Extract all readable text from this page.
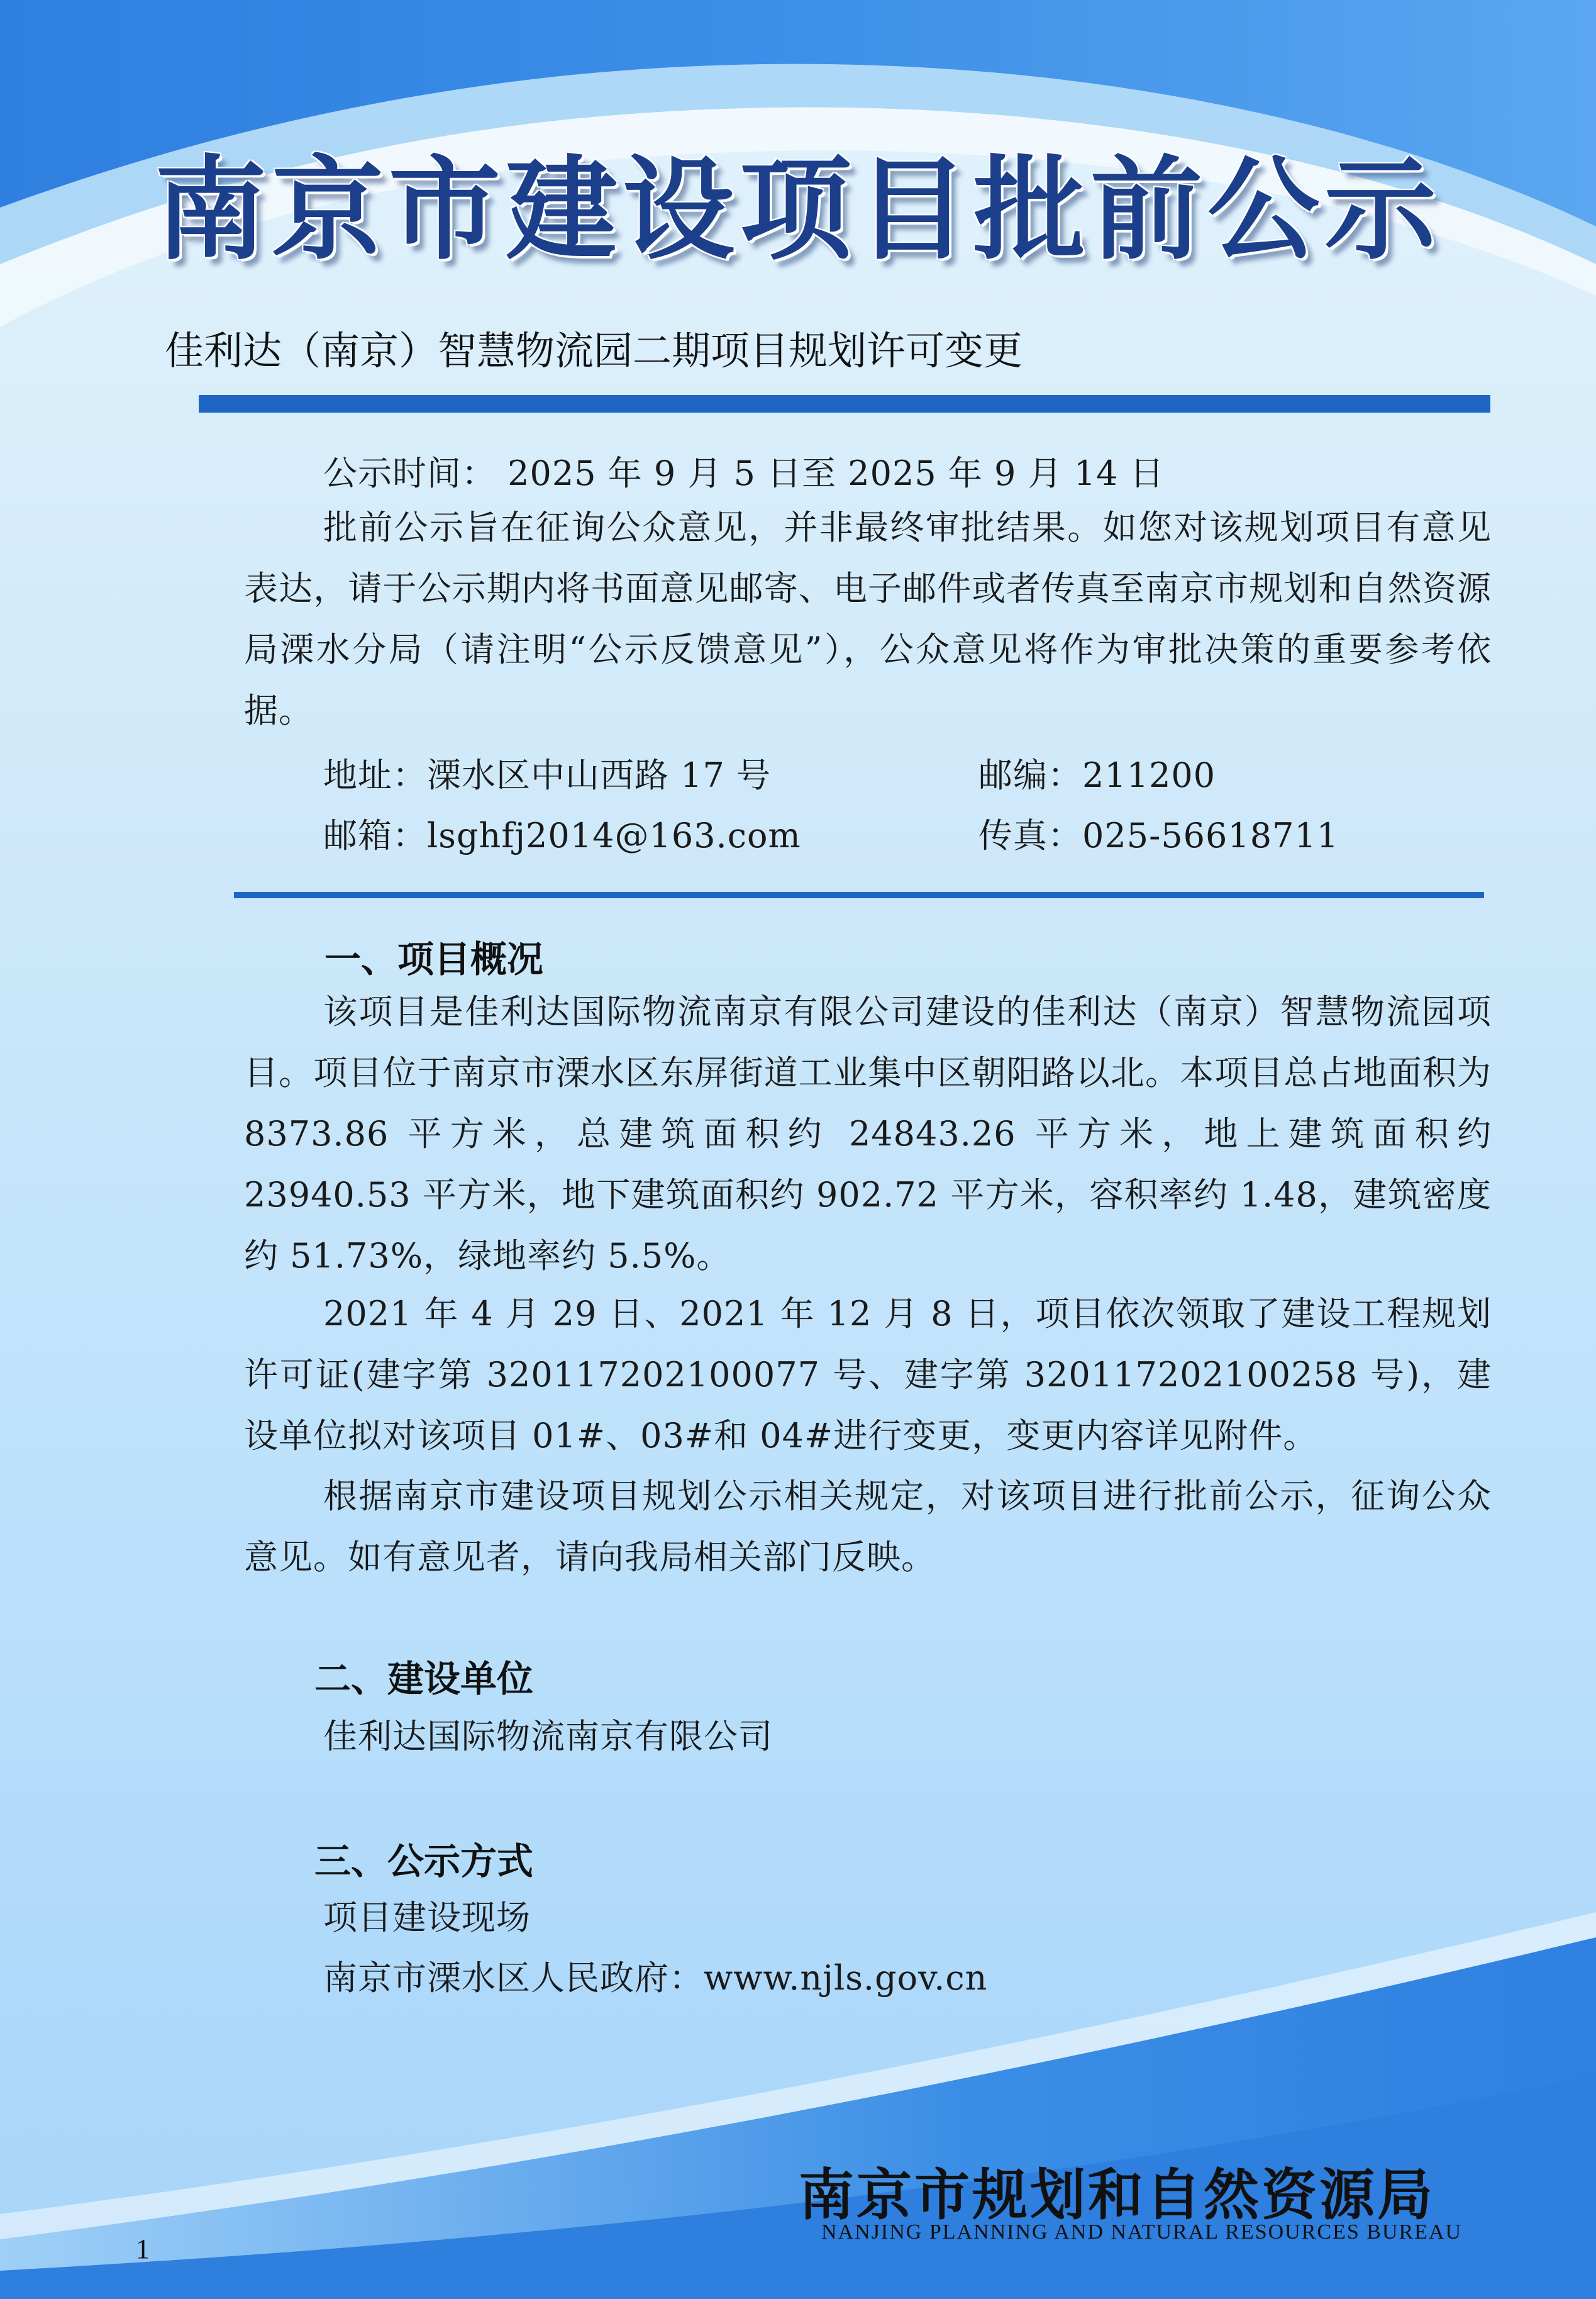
南京市建设项目批前公示
佳利达（南京）智慧物流园二期项目规划许可变更
公示时间： 2025 年 9 月 5 日至 2025 年 9 月 14 日

批前公示旨在征询公众意见，并非最终审批结果。如您对该规划项目有意见表达，请于公示期内将书面意见邮寄、电子邮件或者传真至南京市规划和自然资源局溧水分局（请注明“公示反馈意见”），公众意见将作为审批决策的重要参考依据。

地址：溧水区中山西路 17 号	邮编：211200
邮箱：lsghfj2014@163.com	传真：025-56618711
一、项目概况

该项目是佳利达国际物流南京有限公司建设的佳利达（南京）智慧物流园项目。项目位于南京市溧水区东屏街道工业集中区朝阳路以北。本项目总占地面积为 8373.86 平方米，总建筑面积约 24843.26 平方米，地上建筑面积约 23940.53 平方米，地下建筑面积约 902.72 平方米，容积率约 1.48，建筑密度约 51.73%，绿地率约 5.5%。

2021 年 4 月 29 日、2021 年 12 月 8 日，项目依次领取了建设工程规划许可证(建字第 320117202100077 号、建字第 320117202100258 号)，建设单位拟对该项目 01#、03#和 04#进行变更，变更内容详见附件。

根据南京市建设项目规划公示相关规定，对该项目进行批前公示，征询公众意见。如有意见者，请向我局相关部门反映。

二、建设单位
佳利达国际物流南京有限公司
三、公示方式
项目建设现场
南京市溧水区人民政府：www.njls.gov.cn
南京市规划和自然资源局
NANJING PLANNING AND NATURAL RESOURCES BUREAU
1
